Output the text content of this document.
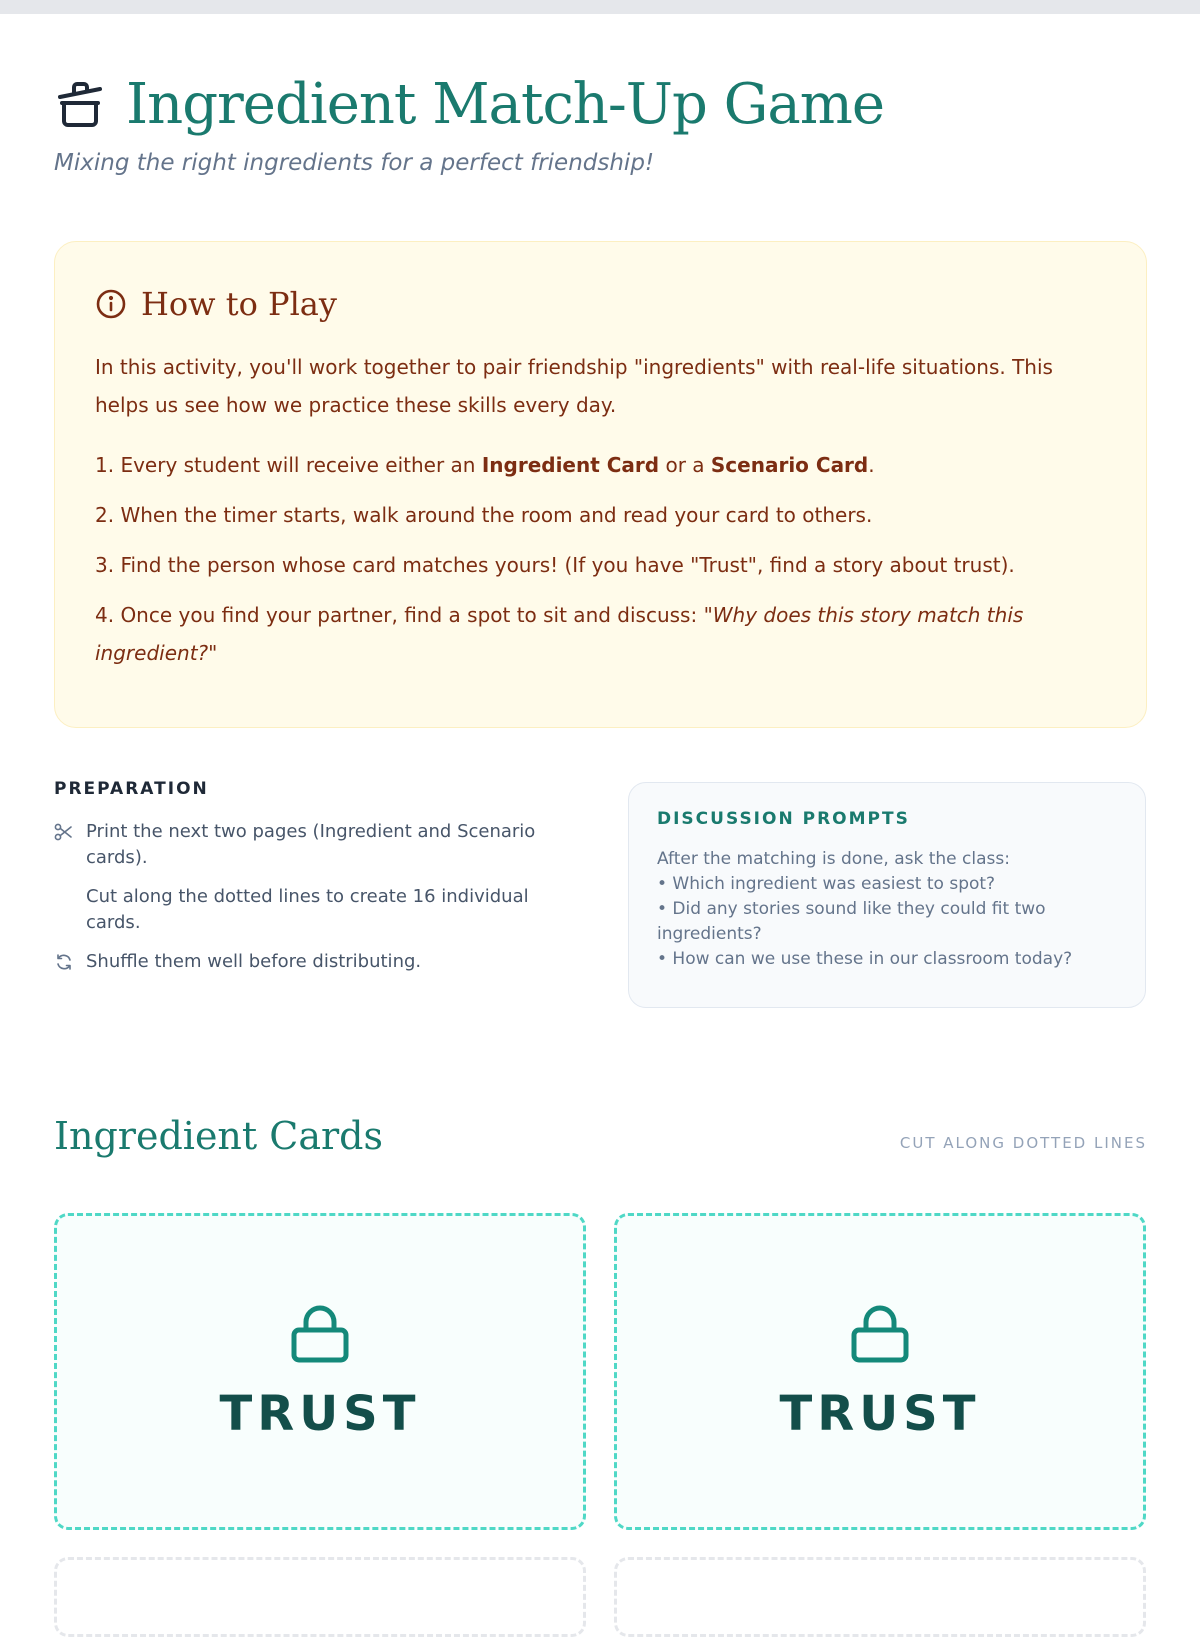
Ingredient Match-Up Game

Mixing the right ingredients for a perfect friendship!

How to Play

In this activity, you'll work together to pair friendship "ingredients" with real-life situations. This helps us see how we practice these skills every day.

1. Every student will receive either an Ingredient Card or a Scenario Card.
2. When the timer starts, walk around the room and read your card to others.
3. Find the person whose card matches yours! (If you have "Trust", find a story about trust).
4. Once you find your partner, find a spot to sit and discuss: "Why does this story match this ingredient?"

PREPARATION

Print the next two pages (Ingredient and Scenario cards).
Cut along the dotted lines to create 16 individual cards.
Shuffle them well before distributing.

DISCUSSION PROMPTS

After the matching is done, ask the class:
• Which ingredient was easiest to spot?
• Did any stories sound like they could fit two ingredients?
• How can we use these in our classroom today?

Ingredient Cards	CUT ALONG DOTTED LINES

TRUST	TRUST
